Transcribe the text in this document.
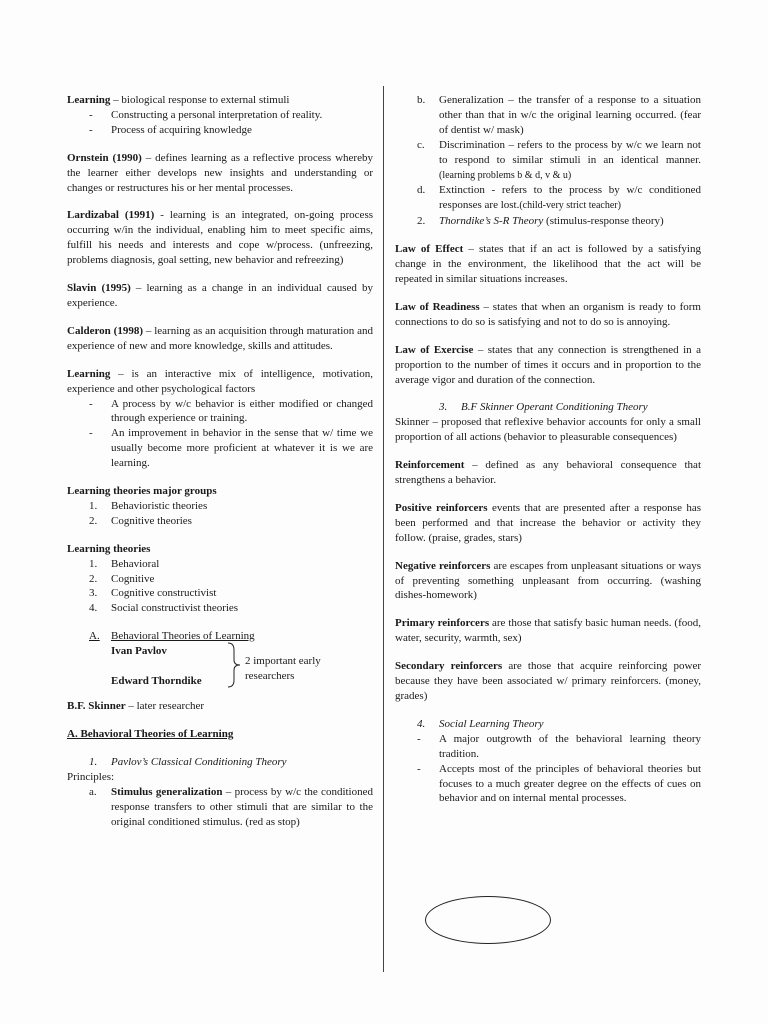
Learning – biological response to external stimuli

- Constructing a personal interpretation of reality.
- Process of acquiring knowledge

Ornstein (1990) – defines learning as a reflective process whereby the learner either develops new insights and understanding or changes or restructures his or her mental processes.

Lardizabal (1991) - learning is an integrated, on-going process occurring w/in the individual, enabling him to meet specific aims, fulfill his needs and interests and cope w/process. (unfreezing, problems diagnosis, goal setting, new behavior and refreezing)

Slavin (1995) – learning as a change in an individual caused by experience.

Calderon (1998) – learning as an acquisition through maturation and experience of new and more knowledge, skills and attitudes.

Learning – is an interactive mix of intelligence, motivation, experience and other psychological factors

- A process by w/c behavior is either modified or changed through experience or training.
- An improvement in behavior in the sense that w/ time we usually become more proficient at whatever it is we are learning.

Learning theories major groups

1. Behavioristic theories
2. Cognitive theories

Learning theories

1. Behavioral
2. Cognitive
3. Cognitive constructivist
4. Social constructivist theories

A. Behavioral Theories of Learning

Ivan Pavlov
Edward Thorndike
2 important early researchers

B.F. Skinner – later researcher

A. Behavioral Theories of Learning

1. Pavlov’s Classical Conditioning Theory

Principles:

a. Stimulus generalization – process by w/c the conditioned response transfers to other stimuli that are similar to the original conditioned stimulus. (red as stop)

b. Generalization – the transfer of a response to a situation other than that in w/c the original learning occurred. (fear of dentist w/ mask)

c. Discrimination – refers to the process by w/c we learn not to respond to similar stimuli in an identical manner. (learning problems b & d, v & u)

d. Extinction - refers to the process by w/c conditioned responses are lost.(child-very strict teacher)

2. Thorndike’s S-R Theory (stimulus-response theory)

Law of Effect – states that if an act is followed by a satisfying change in the environment, the likelihood that the act will be repeated in similar situations increases.

Law of Readiness – states that when an organism is ready to form connections to do so is satisfying and not to do so is annoying.

Law of Exercise – states that any connection is strengthened in a proportion to the number of times it occurs and in proportion to the average vigor and duration of the connection.

3. B.F Skinner Operant Conditioning Theory

Skinner – proposed that reflexive behavior accounts for only a small proportion of all actions (behavior to pleasurable consequences)

Reinforcement – defined as any behavioral consequence that strengthens a behavior.

Positive reinforcers events that are presented after a response has been performed and that increase the behavior or activity they follow. (praise, grades, stars)

Negative reinforcers are escapes from unpleasant situations or ways of preventing something unpleasant from occurring. (washing dishes-homework)

Primary reinforcers are those that satisfy basic human needs. (food, water, security, warmth, sex)

Secondary reinforcers are those that acquire reinforcing power because they have been associated w/ primary reinforcers. (money, grades)

4. Social Learning Theory

- A major outgrowth of the behavioral learning theory tradition.
- Accepts most of the principles of behavioral theories but focuses to a much greater degree on the effects of cues on behavior and on internal mental processes.
